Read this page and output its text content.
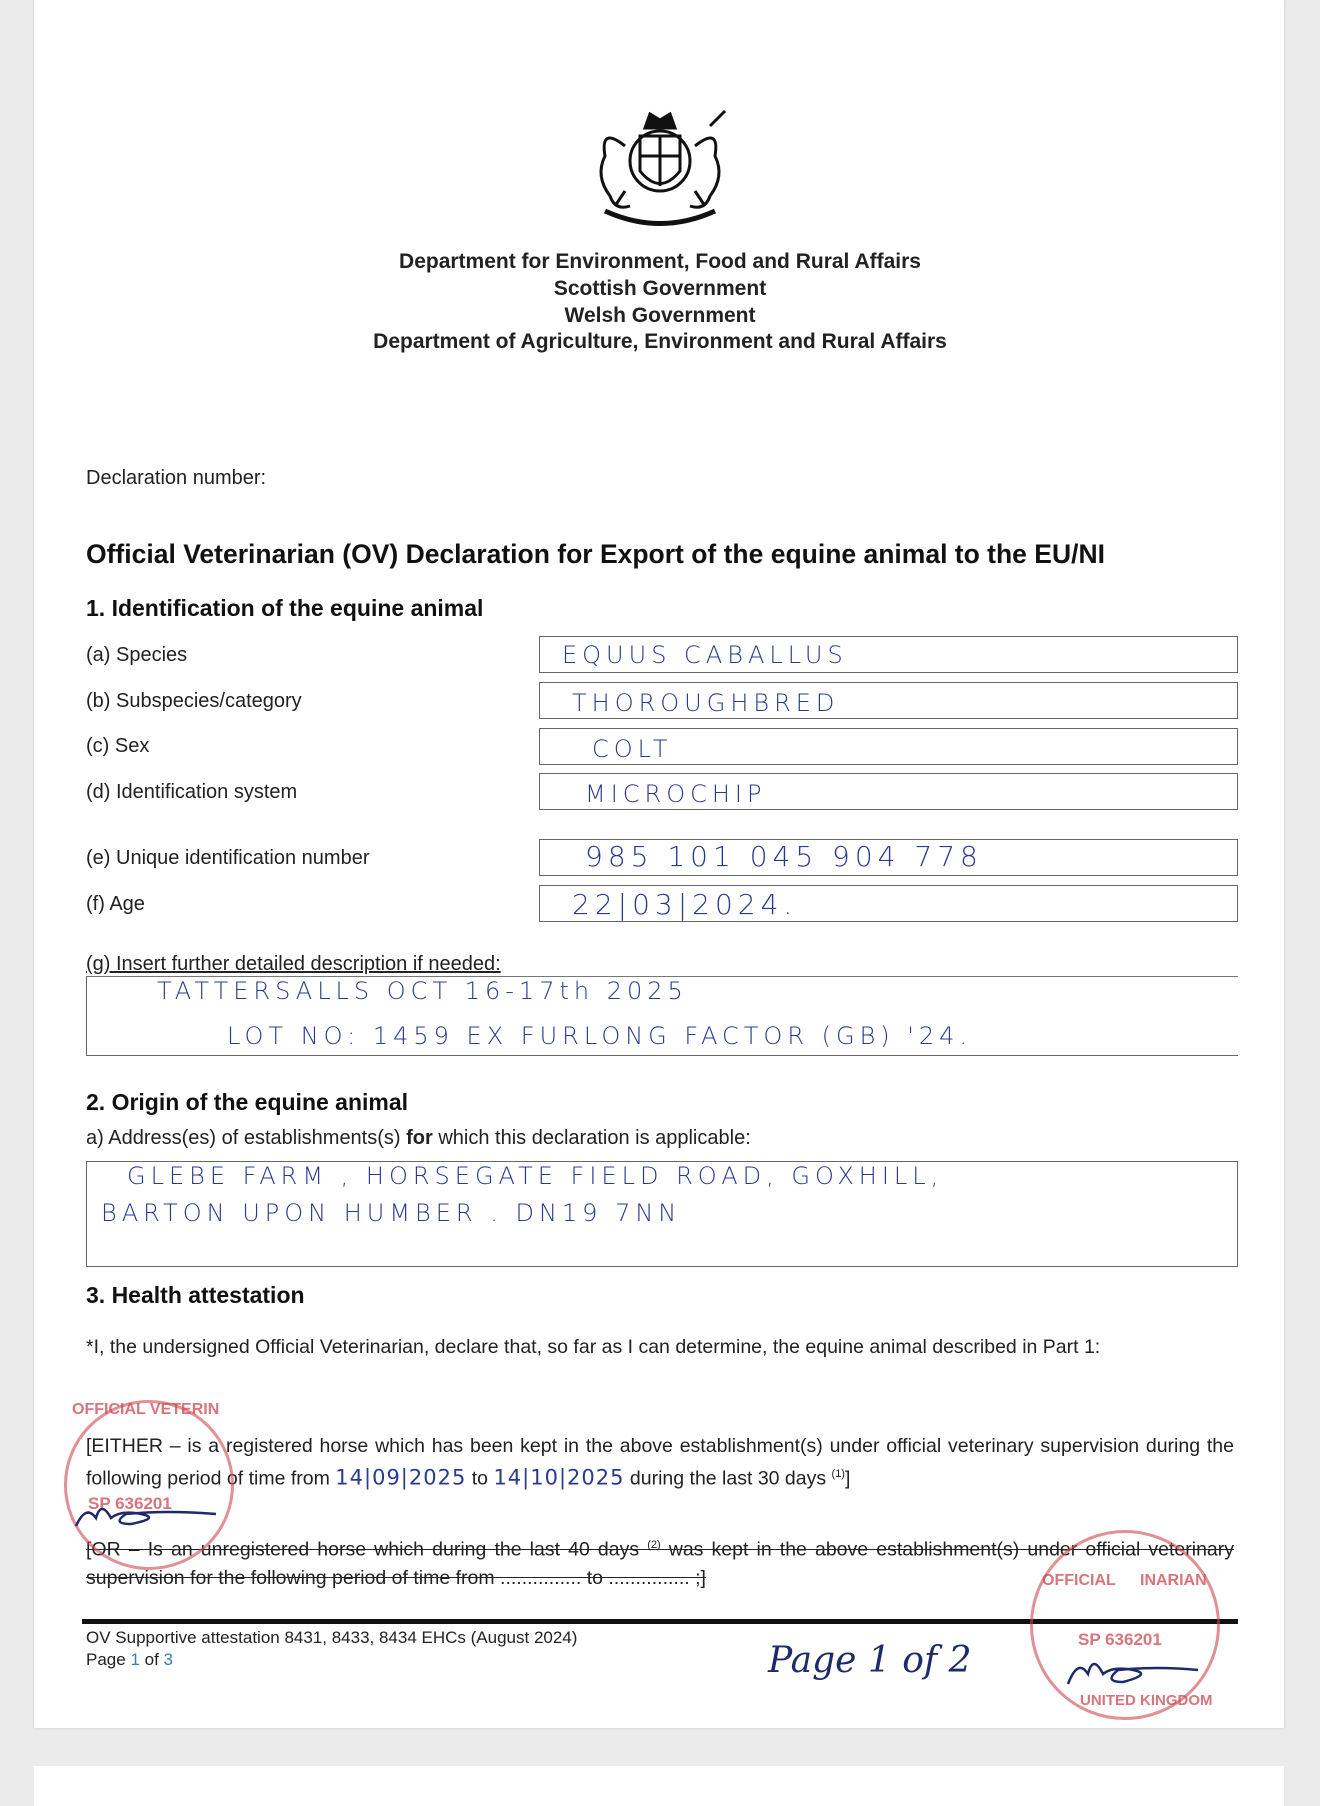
Department for Environment, Food and Rural Affairs
Scottish Government
Welsh Government
Department of Agriculture, Environment and Rural Affairs
Declaration number:
Official Veterinarian (OV) Declaration for Export of the equine animal to the EU/NI
1. Identification of the equine animal
(a) Species	EQUUS CABALLUS
(b) Subspecies/category	THOROUGHBRED
(c) Sex	COLT
(d) Identification system	MICROCHIP
(e) Unique identification number	985 101 045 904 778
(f) Age	22|03|2024.
(g) Insert further detailed description if needed:
TATTERSALLS OCT 16-17th 2025
LOT NO: 1459 EX FURLONG FACTOR (GB) '24.
2. Origin of the equine animal
a) Address(es) of establishments(s) for which this declaration is applicable:
GLEBE FARM , HORSEGATE FIELD ROAD, GOXHILL,
BARTON UPON HUMBER . DN19 7NN
3. Health attestation
*I, the undersigned Official Veterinarian, declare that, so far as I can determine, the equine animal described in Part 1:
[EITHER – is a registered horse which has been kept in the above establishment(s) under official veterinary supervision during the following period of time from 14|09|2025 to 14|10|2025 during the last 30 days $^{(1)}$]
[OR – Is an unregistered horse which during the last 40 days $^{(2)}$ was kept in the above establishment(s) under official veterinary supervision for the following period of time from ............... to ............... ;]
OV Supportive attestation 8431, 8433, 8434 EHCs (August 2024)
Page 1 of 3	Page 1 of 2
OFFICIAL VETERIN
SP 636201
OFFICIAL INARIAN
SP 636201
UNITED KINGDOM
